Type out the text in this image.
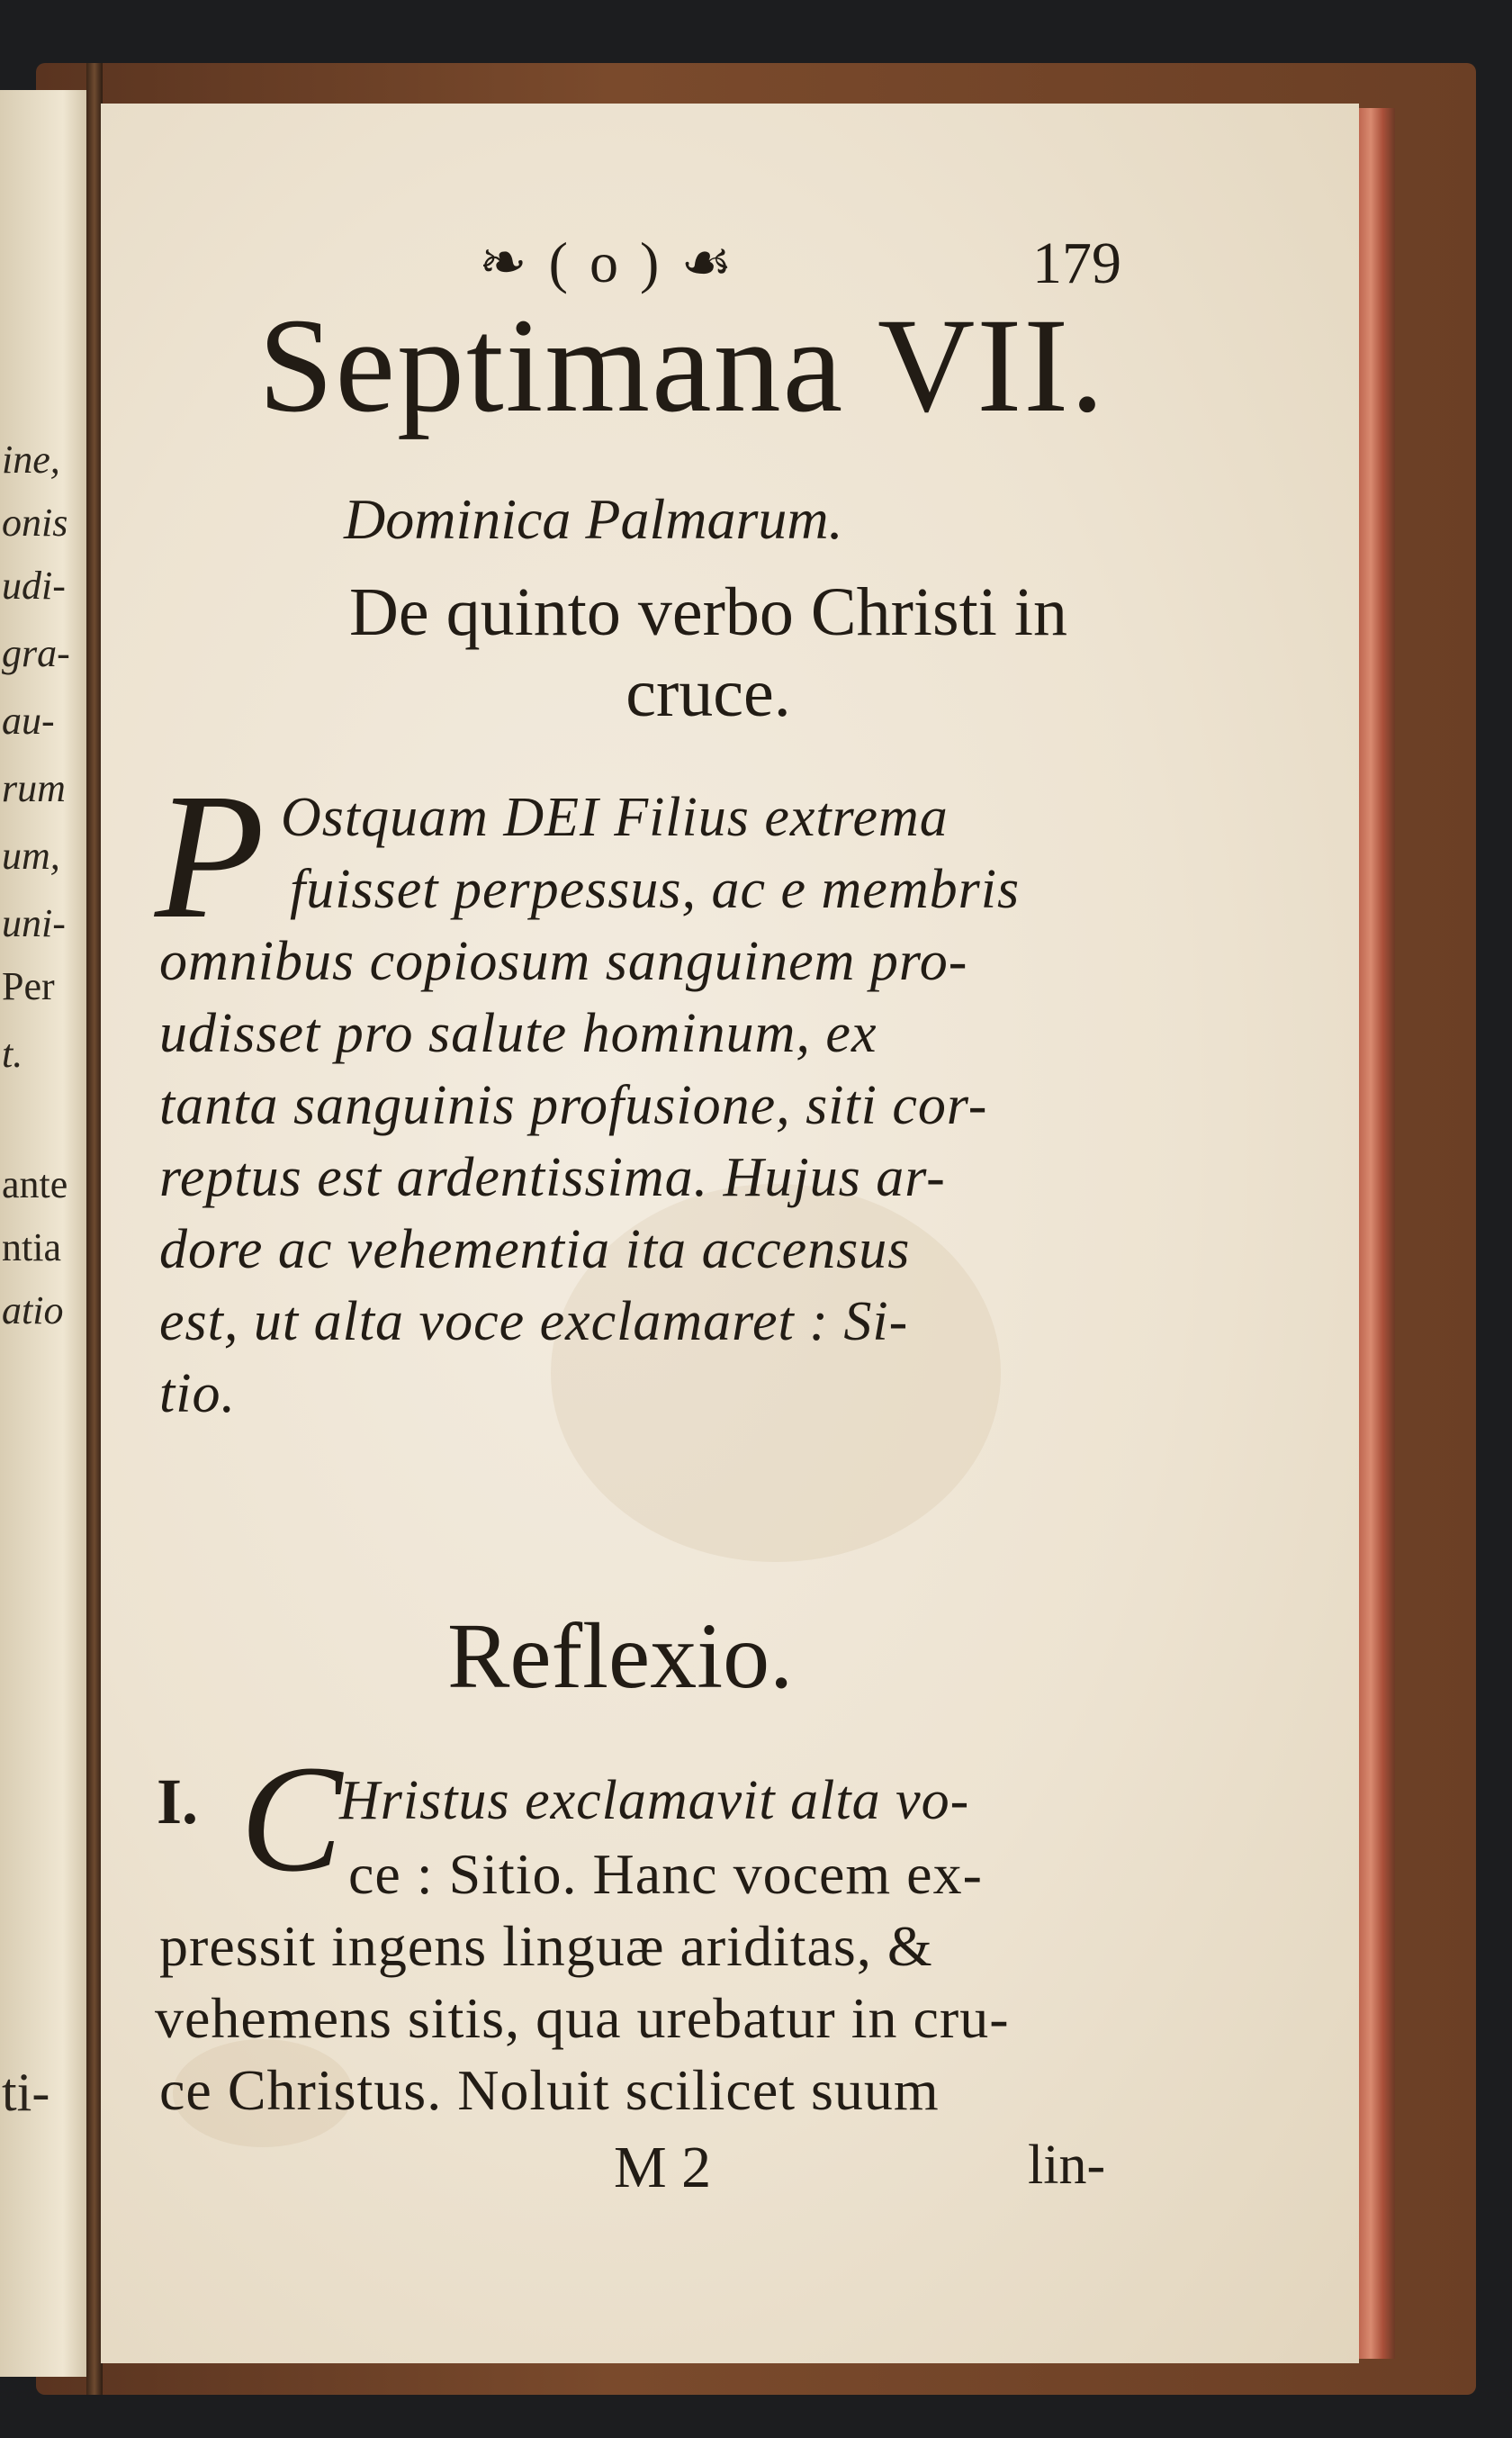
ine,
onis
udi-
gra-
au-
rum
um,
uni-
Per
t.
ante
ntia
atio
ti-
❧ ( o ) ☙	179
Septimana VII.
Dominica Palmarum.
De quinto verbo Christi in
cruce.
P Ostquam DEI Filius extrema
fuisset perpessus, ac e membris
omnibus copiosum sanguinem pro-
udisset pro salute hominum, ex
tanta sanguinis profusione, siti cor-
reptus est ardentissima. Hujus ar-
dore ac vehementia ita accensus
est, ut alta voce exclamaret : Si-
tio.
Reflexio.
I. C
Hristus exclamavit alta vo-
ce : Sitio. Hanc vocem ex-
pressit ingens linguæ ariditas, &
vehemens sitis, qua urebatur in cru-
ce Christus. Noluit scilicet suum
M 2	lin-
